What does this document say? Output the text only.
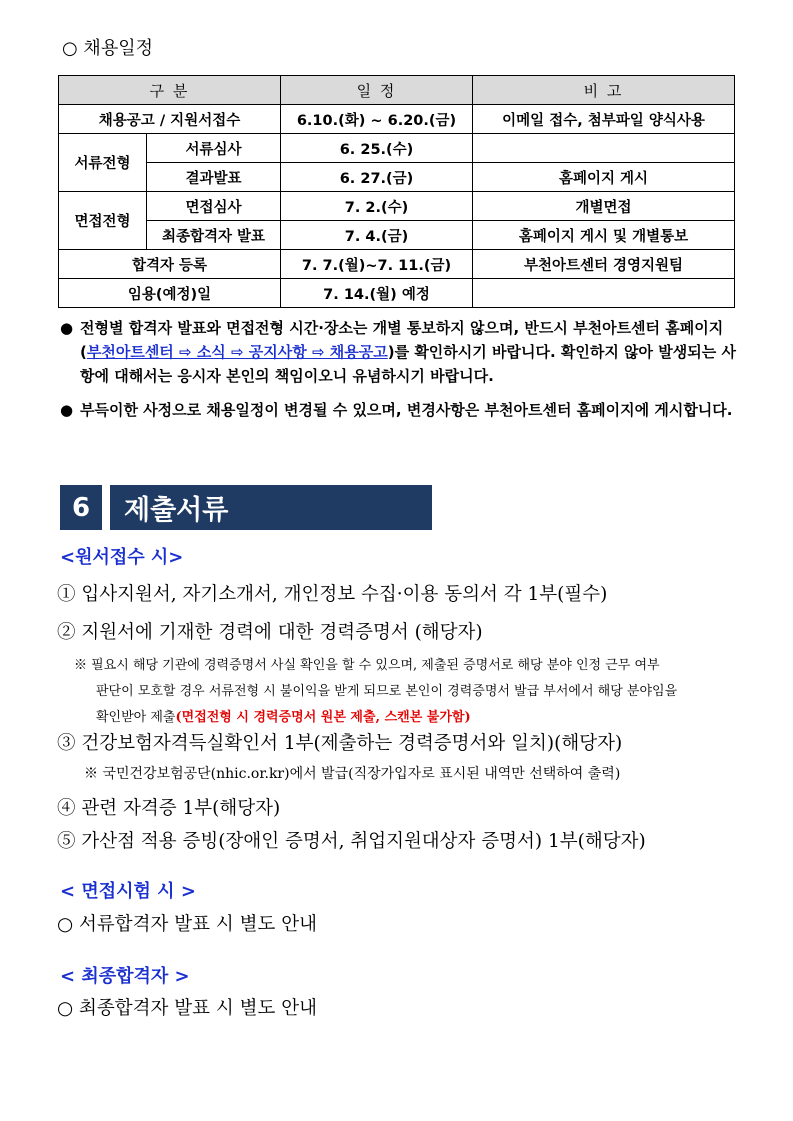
○ 채용일정
구 분		일 정	비 고
채용공고 / 지원서접수		6.10.(화) ~ 6.20.(금)	이메일 접수, 첨부파일 양식사용
서류전형	서류심사	6. 25.(수)	
	결과발표	6. 27.(금)	홈페이지 게시
면접전형	면접심사	7. 2.(수)	개별면접
	최종합격자 발표	7. 4.(금)	홈페이지 게시 및 개별통보
합격자 등록		7. 7.(월)~7. 11.(금)	부천아트센터 경영지원팀
임용(예정)일		7. 14.(월) 예정	
● 전형별 합격자 발표와 면접전형 시간·장소는 개별 통보하지 않으며, 반드시 부천아트센터 홈페이지(부천아트센터 ⇨ 소식 ⇨ 공지사항 ⇨ 채용공고)를 확인하시기 바랍니다. 확인하지 않아 발생되는 사항에 대해서는 응시자 본인의 책임이오니 유념하시기 바랍니다.
● 부득이한 사정으로 채용일정이 변경될 수 있으며, 변경사항은 부천아트센터 홈페이지에 게시합니다.
6	제출서류
<원서접수 시>
① 입사지원서, 자기소개서, 개인정보 수집·이용 동의서 각 1부(필수)
② 지원서에 기재한 경력에 대한 경력증명서 (해당자)
※ 필요시 해당 기관에 경력증명서 사실 확인을 할 수 있으며, 제출된 증명서로 해당 분야 인정 근무 여부
판단이 모호할 경우 서류전형 시 불이익을 받게 되므로 본인이 경력증명서 발급 부서에서 해당 분야임을
확인받아 제출(면접전형 시 경력증명서 원본 제출, 스캔본 불가함)
③ 건강보험자격득실확인서 1부(제출하는 경력증명서와 일치)(해당자)
※ 국민건강보험공단(nhic.or.kr)에서 발급(직장가입자로 표시된 내역만 선택하여 출력)
④ 관련 자격증 1부(해당자)
⑤ 가산점 적용 증빙(장애인 증명서, 취업지원대상자 증명서) 1부(해당자)
< 면접시험 시 >
○ 서류합격자 발표 시 별도 안내
< 최종합격자 >
○ 최종합격자 발표 시 별도 안내
